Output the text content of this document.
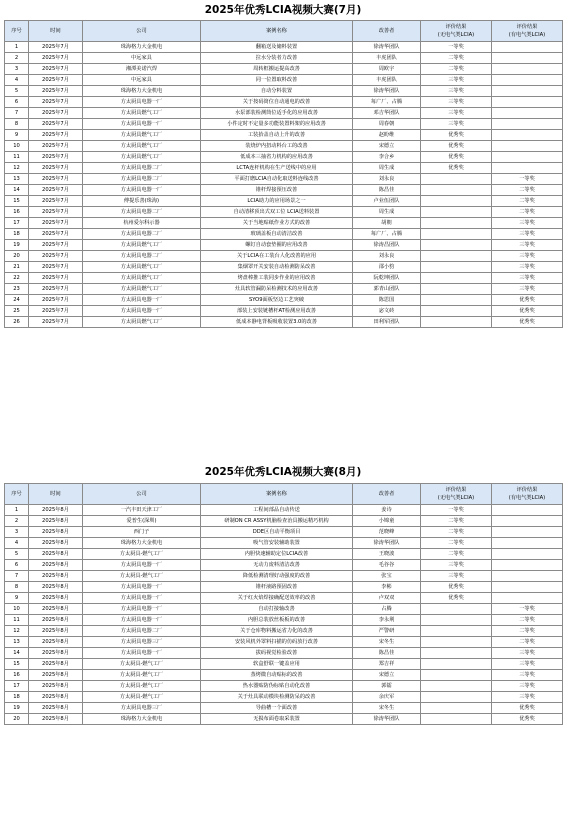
2025年优秀LCIA视频大赛(7月)
序号	时间	公司	案例名称	改善者	评价结果
(无电气类LCIA)	评价结果
(有电气类LCIA)
1	2025年7月	珠海格力大金机电	翻箱送及储料装置	徐涛华团队	一等奖	
2	2025年7月	中远家具	拉水分装者力改善	丰虎团队	二等奖	
3	2025年7月	湘潭美诺汽焊	周转框搬运提高改善	周欧宇	二等奖	
4	2025年7月	中远家具	同一位置取料改善	丰虎团队	三等奖	
5	2025年7月	珠海格力大金机电	自动分料装置	徐涛华团队	三等奖	
6	2025年7月	方太厨具电器一厂	关于按码筒位自动通电的改善	每广厂、占腾	三等奖	
7	2025年7月	方太厨具燃气工厂	水泵部装检测筒位适手化的应用改善	邓吉华团队	三等奖	
8	2025年7月	方太厨具电器一厂	小件定时不定量多功能装置料架的应用改善	周春朝	三等奖	
9	2025年7月	方太厨具燃气工厂	工装抬盖自动上升的改善	赵盼维	优秀奖	
10	2025年7月	方太厨具燃气工厂	装烧炉内扭动料台工的改善	宋德立	优秀奖	
11	2025年7月	方太厨具燃气工厂	低成本三抽省力机构的应用改善	李合乡	优秀奖	
12	2025年7月	方太厨具电器二厂	LCTA连杆机构在生产送线中的应用	周生成	优秀奖	
13	2025年7月	方太厨具电器二厂	平面打磨LCIA自动化取送料连线改善	刘永良		一等奖
14	2025年7月	方太厨具电器一厂	锥杆焊接预压改善	陈昌佳		二等奖
15	2025年7月	傅提乐善(珠海)	LCIA助力的应用场景之一	卢业伍团队		二等奖
16	2025年7月	方太厨具电器二厂	自动清移顶出式双工位 LCIA送料装置	周生成		二等奖
17	2025年7月	杭州爱尔科示器	关于当地贴纸作业方式的改善	胡朝		三等奖
18	2025年7月	方太厨具电器二厂	玻璃盖板自动清洁改善	每广厂、占腾		三等奖
19	2025年7月	方太厨具燃气工厂	螺钉自动套垫圈的应用改善	徐涛昌团队		三等奖
20	2025年7月	方太厨具电器二厂	关于LCIA在工装台人化改善的应用	刘永良		三等奖
21	2025年7月	方太厨具燃气工厂	集烟罩开关安装自动检测防呆改善	邵小豹		三等奖
22	2025年7月	方太厨具燃气工厂	烤盘棒推工装同步作业的应用改善	阮乾坤团队		三等奖
23	2025年7月	方太厨具燃气工厂	灶具软管漏防呆检测技术的应用改善	郭青山团队		三等奖
24	2025年7月	方太厨具电器一厂	SYO9面板坚边工艺突破	陈思国		优秀奖
25	2025年7月	方太厨具电器一厂	部装上安装链槽杆AT检测应用改善	宓文砖		优秀奖
26	2025年7月	方太厨具燃气工厂	低成本静电背板吸收装置3.0的改善	田利军团队		优秀奖
2025年优秀LCIA视频大赛(8月)
序号	时间	公司	案例名称	改善者	评价结果
(无电气类LCIA)	评价结果
(有电气类LCIA)
1	2025年8月	一汽丰田天津工厂	工程间部品自动传送	姜诗	一等奖	
2	2025年8月	爱普生(深圳)	研制ON CR ASSY机脑检查治具搬运精巧机构	小锦童	二等奖	
3	2025年8月	西门子	DDE区自动平衡项目	范晓峰	二等奖	
4	2025年8月	珠海格力大金机电	吸气管安装辅助装置	徐涛华团队	二等奖	
5	2025年8月	方太厨具-燃气工厂	内胆快速辅助定位LCIA改善	王晓波	二等奖	
6	2025年8月	方太厨具电器一厂	无动力废料清洁改善	毛谷谷	三等奖	
7	2025年8月	方太厨具-燃气工厂	降低检测清理好动强度的改善	张宝	三等奖	
8	2025年8月	方太厨具电器一厂	锥杆液路预固改善	李彬	优秀奖	
9	2025年8月	方太厨具电器一厂	关于红火焰焊接确配送效率的改善	卢双双	优秀奖	
10	2025年8月	方太厨具电器一厂	自动打接轴改善	占腾		一等奖
11	2025年8月	方太厨具电器一厂	内胆总装放丝板板的改善	李永荆		二等奖
12	2025年8月	方太厨具电器二厂	关于仓库物料搬运省力化的改善	严警研		二等奖
13	2025年8月	方太厨具电器三厂	安装风机外罩料扫描的仿码放行改善	宋冬生		二等奖
14	2025年8月	方太厨具电器一厂	拔码视觉检验改善	陈昌佳		三等奖
15	2025年8月	方太厨具-燃气工厂	软盒舒联一键盖应用	郑吉祥		三等奖
16	2025年8月	方太厨具-燃气工厂	蒸烤微自动贴标的改善	宋德立		三等奖
17	2025年8月	方太厨具-燃气工厂	热水器贴防伪标贴自动化改善	郭镭		三等奖
18	2025年8月	方太厨具-燃气工厂	关于灶具联动模块检测防呆的改善	余庆军		三等奖
19	2025年8月	方太厨具电器三厂	导曲槽一个面改善	宋冬生		优秀奖
20	2025年8月	珠海格力大金机电	无损布面卷取采装置	徐涛华团队		优秀奖
